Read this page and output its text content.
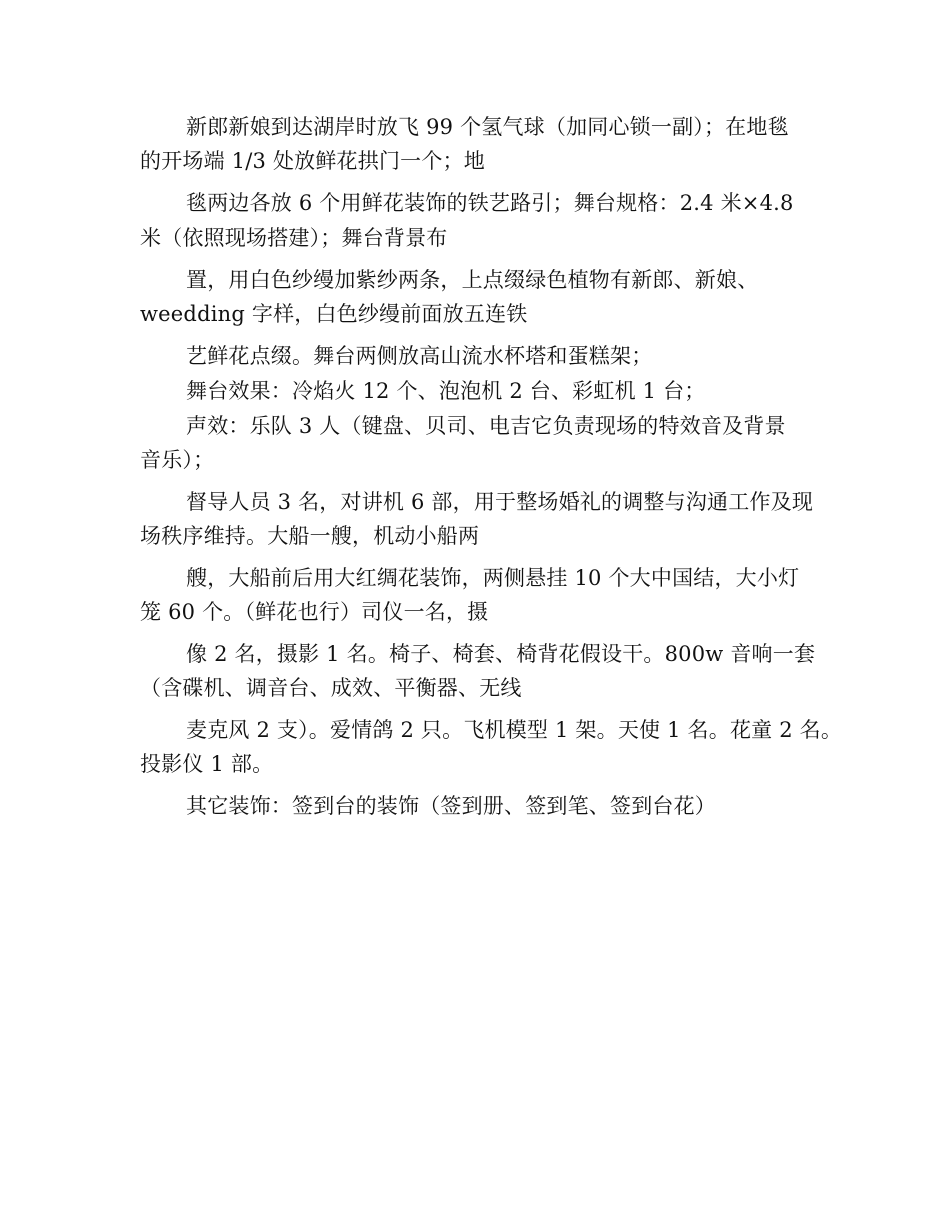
新郎新娘到达湖岸时放飞 99 个氢气球（加同心锁一副）；在地毯
的开场端 1/3 处放鲜花拱门一个；地
毯两边各放 6 个用鲜花装饰的铁艺路引；舞台规格：2.4 米×4.8
米（依照现场搭建）；舞台背景布
置，用白色纱缦加紫纱两条，上点缀绿色植物有新郎、新娘、
weedding 字样，白色纱缦前面放五连铁
艺鲜花点缀。舞台两侧放高山流水杯塔和蛋糕架；
舞台效果：冷焰火 12 个、泡泡机 2 台、彩虹机 1 台；
声效：乐队 3 人（键盘、贝司、电吉它负责现场的特效音及背景
音乐）；
督导人员 3 名，对讲机 6 部，用于整场婚礼的调整与沟通工作及现
场秩序维持。大船一艘，机动小船两
艘，大船前后用大红绸花装饰，两侧悬挂 10 个大中国结，大小灯
笼 60 个。（鲜花也行）司仪一名，摄
像 2 名，摄影 1 名。椅子、椅套、椅背花假设干。800w 音响一套
（含碟机、调音台、成效、平衡器、无线
麦克风 2 支）。爱情鸽 2 只。飞机模型 1 架。天使 1 名。花童 2 名。
投影仪 1 部。
其它装饰：签到台的装饰（签到册、签到笔、签到台花）
